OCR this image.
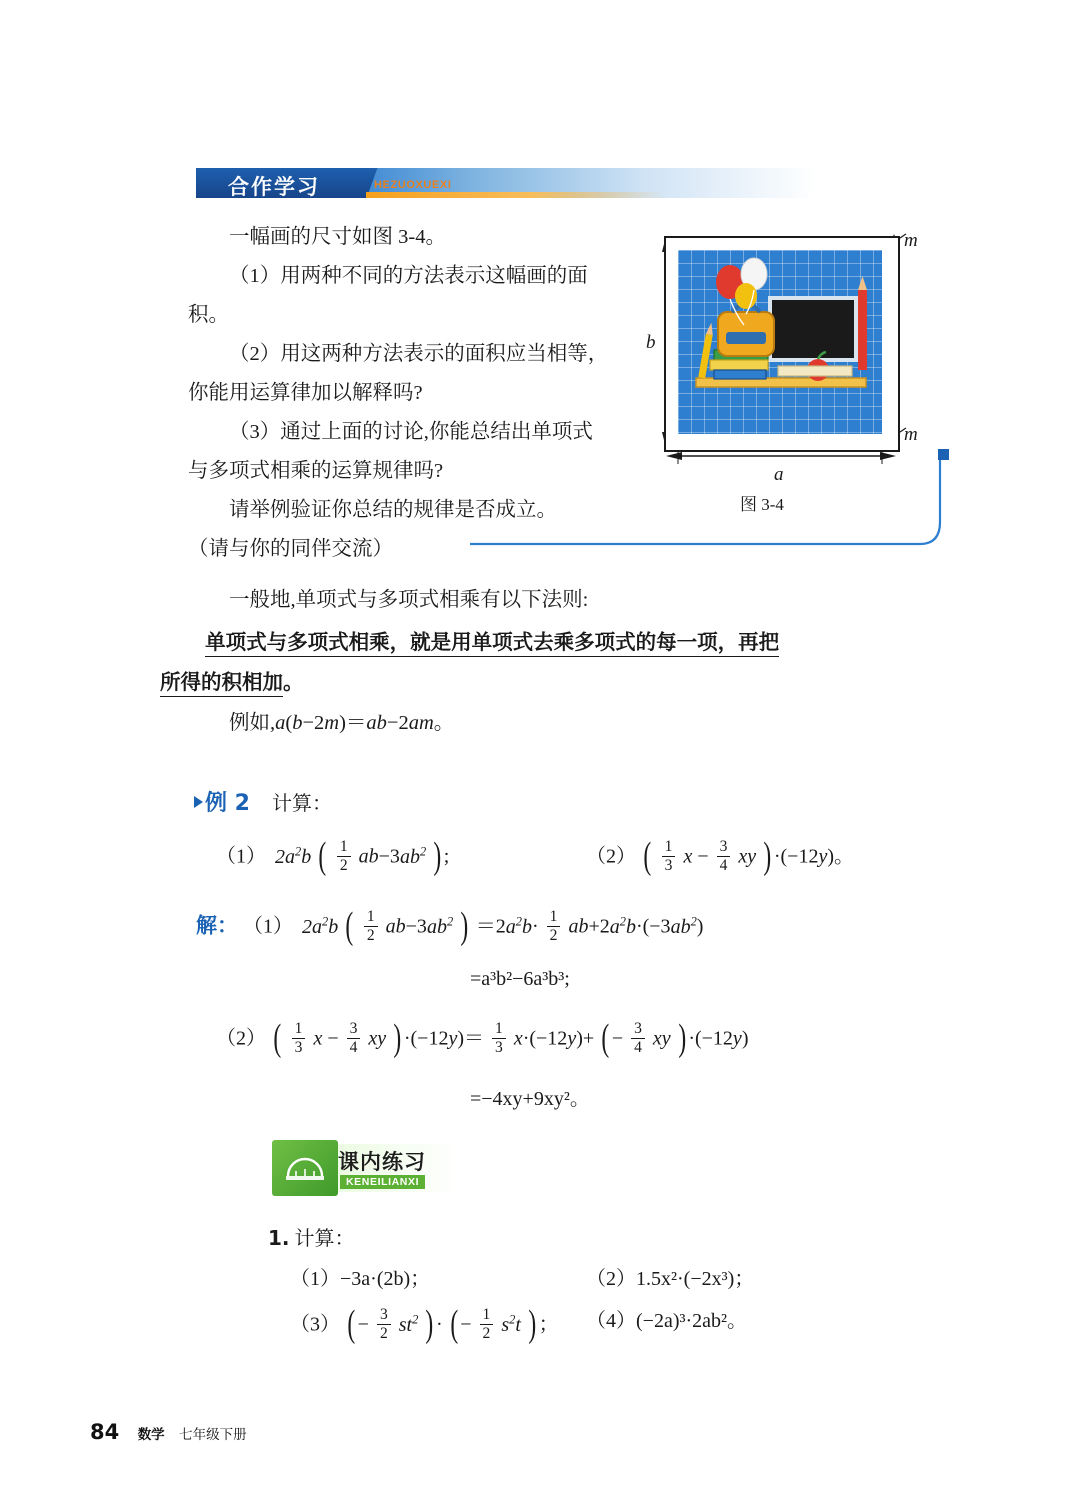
合作学习	HEZUOXUEXI

一幅画的尺寸如图 3-4。

（1）用两种不同的方法表示这幅画的面积。

（2）用这两种方法表示的面积应当相等，

你能用运算律加以解释吗?

（3）通过上面的讨论,你能总结出单项式

与多项式相乘的运算规律吗?

请举例验证你总结的规律是否成立。

（请与你的同伴交流）

b
a
m
m
图 3-4
一般地,单项式与多项式相乘有以下法则:
单项式与多项式相乘，就是用单项式去乘多项式的每一项，再把
所得的积相加。
例如,a(b−2m)＝ab−2am。
例 2 计算：
（1） $2a^2b$ ( $\frac{1}{2} ab-3ab^2$ ) ;	（2） ( $\frac{1}{3}$ $x - \frac{3}{4}$ xy ) ·(−12y)。
解： （1） $2a^2b$ ( $\frac{1}{2} ab-3ab^2$ ) $=2a^2b\cdot \frac{1}{2} ab+2a^2b\cdot(-3ab^2)$
=a³b²−6a³b³;
（2） ( $\frac{1}{3}$ $x - \frac{3}{4}$ xy ) $\cdot(-12y)= \frac{1}{3} x\cdot(-12y)+$ ( − $\frac{3}{4}$ xy ) ·(−12y)
=−4xy+9xy²。
课内练习
KENEILIANXI
1. 计算：
（1）−3a·(2b)；	（2）1.5x²·(−2x³)；
（3） ( − $\frac{3}{2} st^2$ ) · ( − $\frac{1}{2} s^2t$ ) ； （4）(−2a)³·2ab²。
84 数学 七年级下册
